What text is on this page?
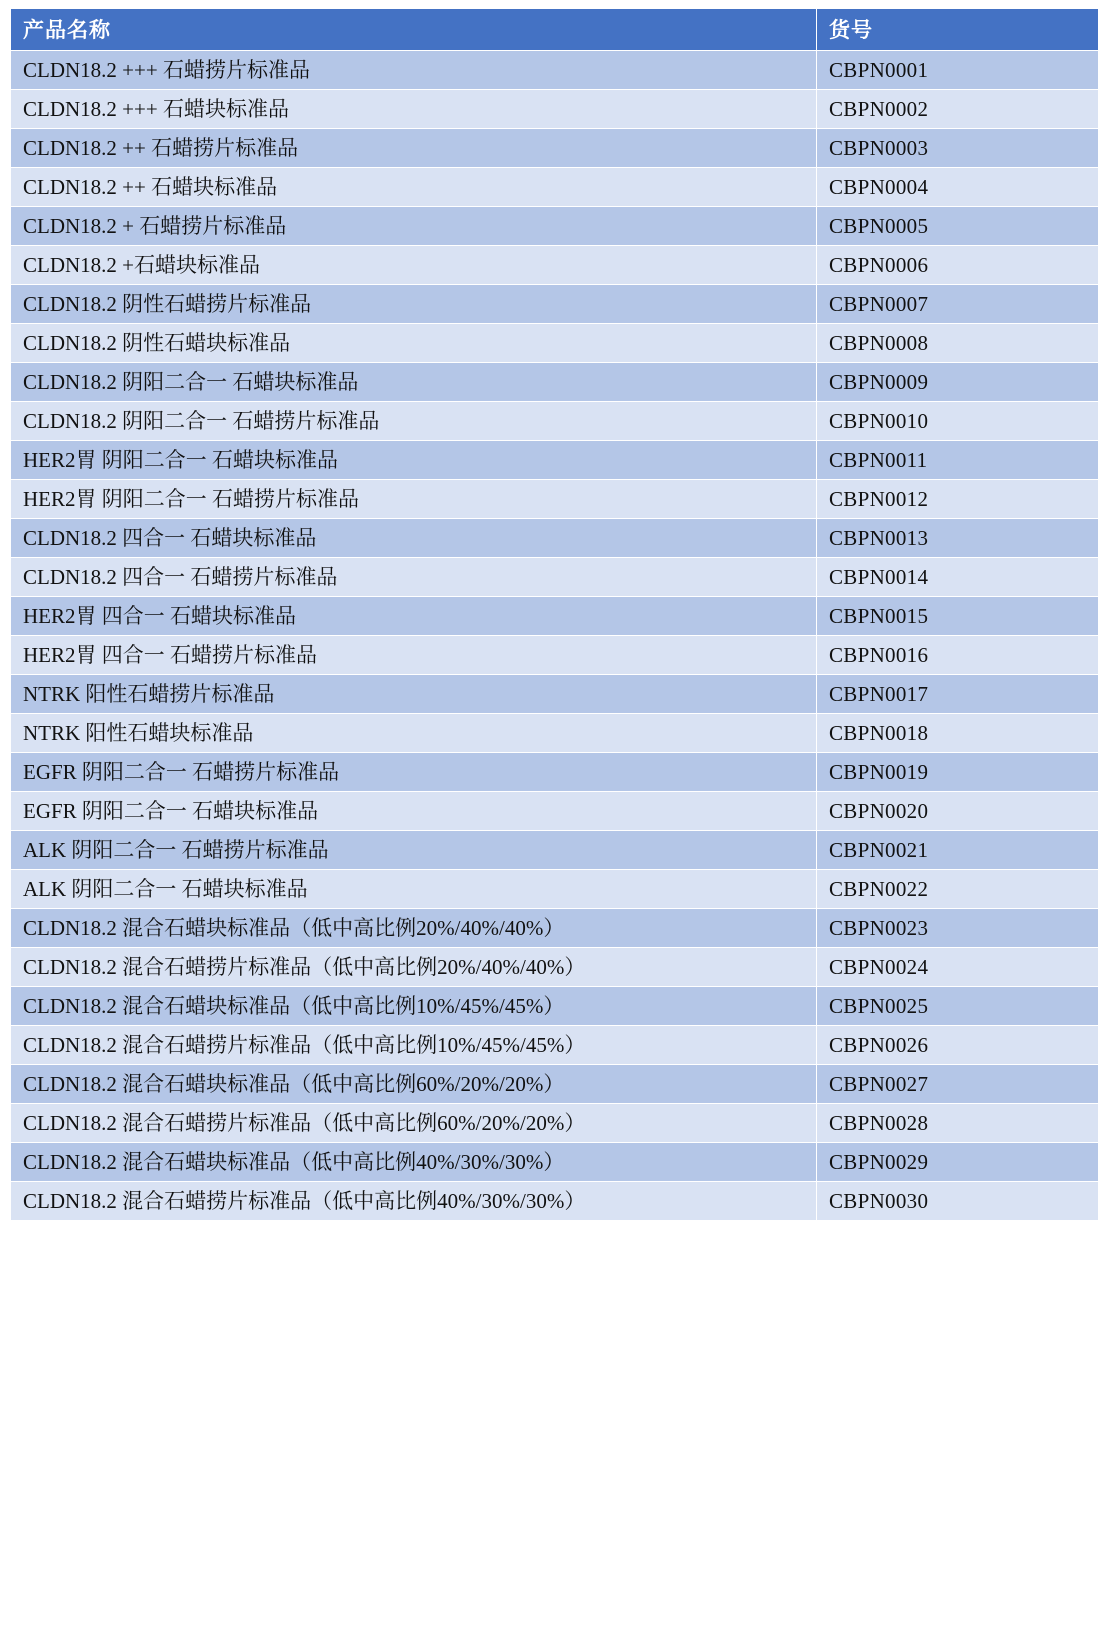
产品名称	货号
CLDN18.2 +++ 石蜡捞片标准品	CBPN0001
CLDN18.2 +++ 石蜡块标准品	CBPN0002
CLDN18.2 ++ 石蜡捞片标准品	CBPN0003
CLDN18.2 ++ 石蜡块标准品	CBPN0004
CLDN18.2 + 石蜡捞片标准品	CBPN0005
CLDN18.2 +石蜡块标准品	CBPN0006
CLDN18.2 阴性石蜡捞片标准品	CBPN0007
CLDN18.2 阴性石蜡块标准品	CBPN0008
CLDN18.2 阴阳二合一 石蜡块标准品	CBPN0009
CLDN18.2 阴阳二合一 石蜡捞片标准品	CBPN0010
HER2胃 阴阳二合一 石蜡块标准品	CBPN0011
HER2胃 阴阳二合一 石蜡捞片标准品	CBPN0012
CLDN18.2 四合一 石蜡块标准品	CBPN0013
CLDN18.2 四合一 石蜡捞片标准品	CBPN0014
HER2胃 四合一 石蜡块标准品	CBPN0015
HER2胃 四合一 石蜡捞片标准品	CBPN0016
NTRK 阳性石蜡捞片标准品	CBPN0017
NTRK 阳性石蜡块标准品	CBPN0018
EGFR 阴阳二合一 石蜡捞片标准品	CBPN0019
EGFR 阴阳二合一 石蜡块标准品	CBPN0020
ALK 阴阳二合一 石蜡捞片标准品	CBPN0021
ALK 阴阳二合一 石蜡块标准品	CBPN0022
CLDN18.2 混合石蜡块标准品（低中高比例20%/40%/40%）	CBPN0023
CLDN18.2 混合石蜡捞片标准品（低中高比例20%/40%/40%）	CBPN0024
CLDN18.2 混合石蜡块标准品（低中高比例10%/45%/45%）	CBPN0025
CLDN18.2 混合石蜡捞片标准品（低中高比例10%/45%/45%）	CBPN0026
CLDN18.2 混合石蜡块标准品（低中高比例60%/20%/20%）	CBPN0027
CLDN18.2 混合石蜡捞片标准品（低中高比例60%/20%/20%）	CBPN0028
CLDN18.2 混合石蜡块标准品（低中高比例40%/30%/30%）	CBPN0029
CLDN18.2 混合石蜡捞片标准品（低中高比例40%/30%/30%）	CBPN0030
